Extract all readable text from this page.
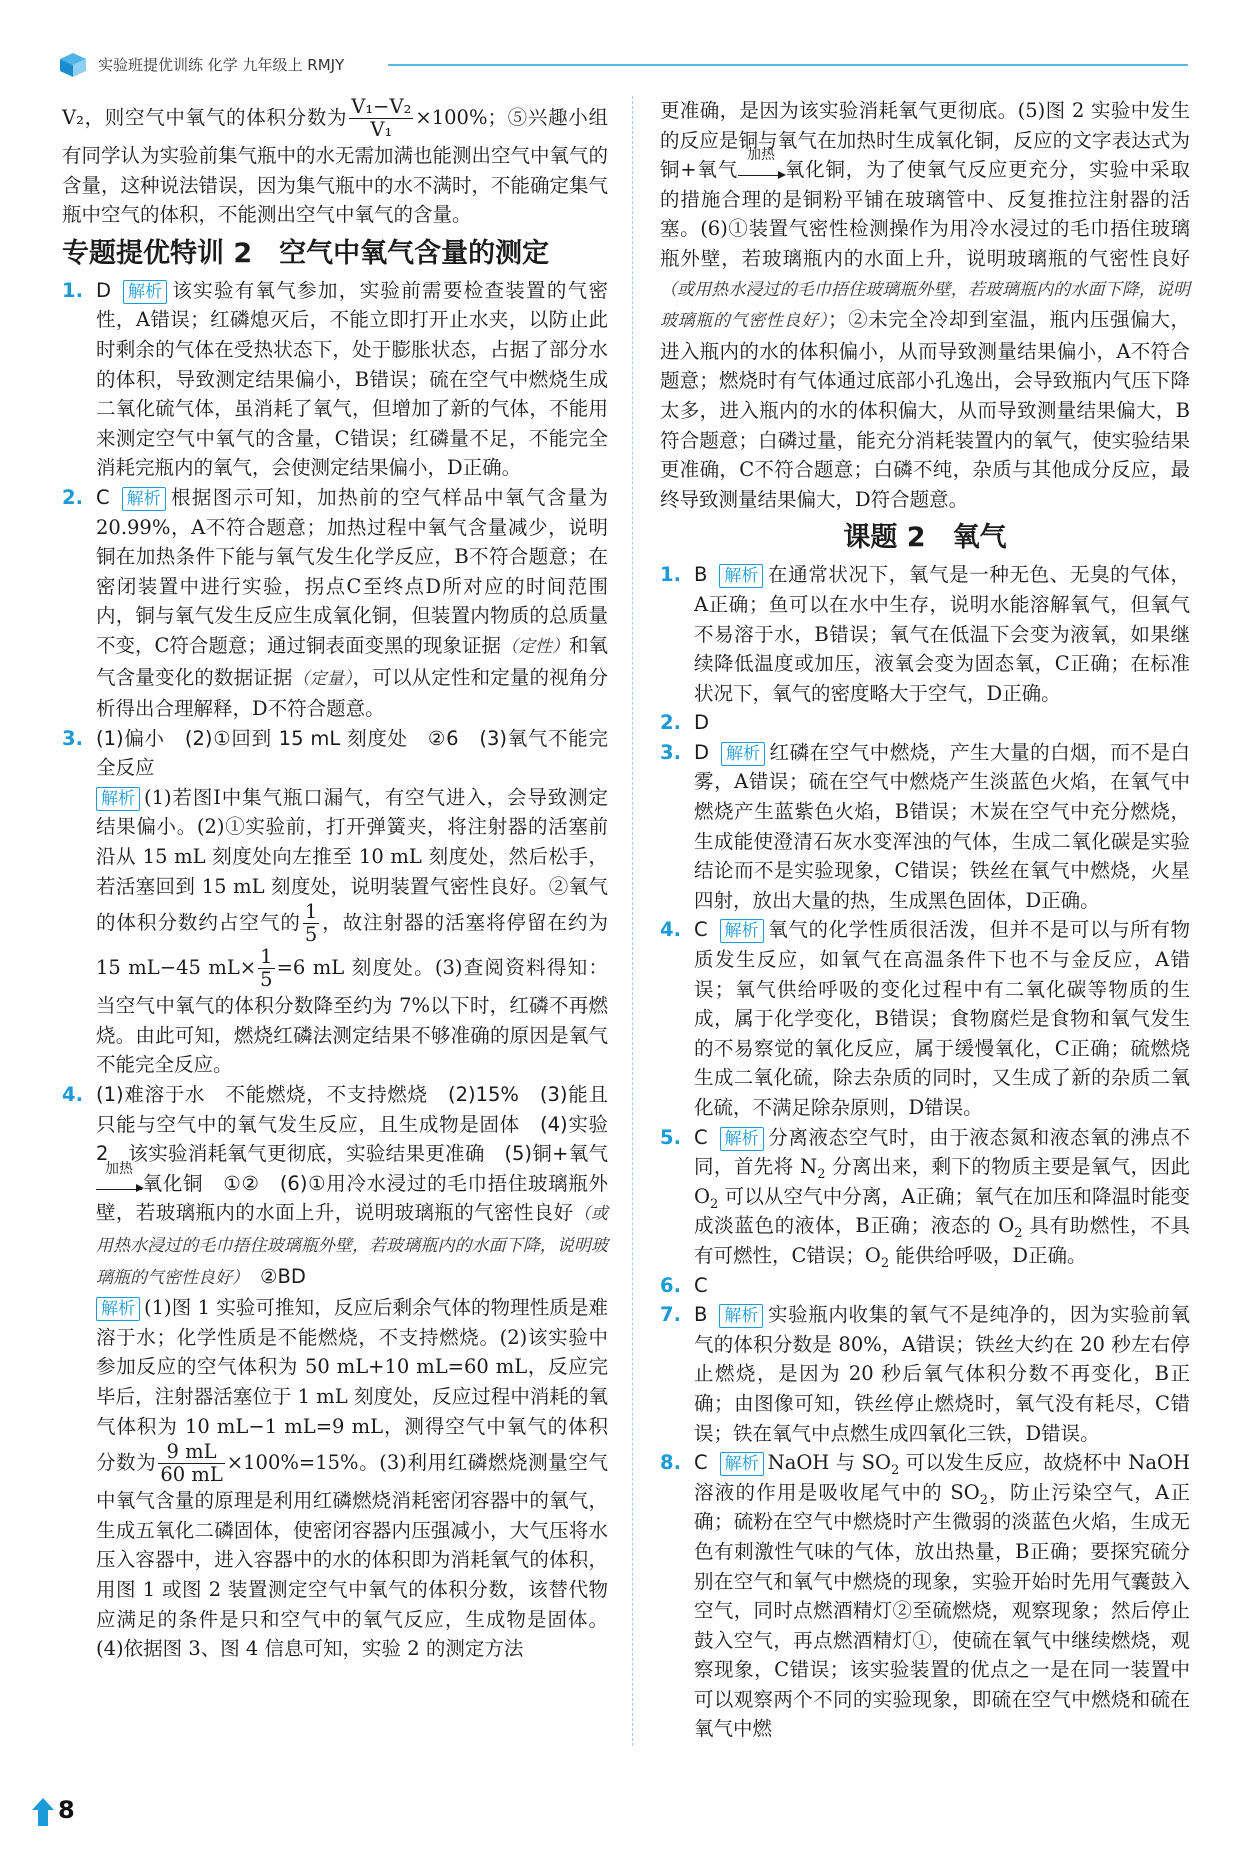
实验班提优训练 化学 九年级上 RMJY

V₂，则空气中氧气的体积分数为 $\frac{\text{V₁−V₂}}{\text{V₁}} \times 100\%$；⑤兴趣小组有同学认为实验前集气瓶中的水无需加满也能测出空气中氧气的含量，这种说法错误，因为集气瓶中的水不满时，不能确定集气瓶中空气的体积，不能测出空气中氧气的含量。

专题提优特训 2　空气中氧气含量的测定

1. D 解析 该实验有氧气参加，实验前需要检查装置的气密性，A错误；红磷熄灭后，不能立即打开止水夹，以防止此时剩余的气体在受热状态下，处于膨胀状态，占据了部分水的体积，导致测定结果偏小，B错误；硫在空气中燃烧生成二氧化硫气体，虽消耗了氧气，但增加了新的气体，不能用来测定空气中氧气的含量，C错误；红磷量不足，不能完全消耗完瓶内的氧气，会使测定结果偏小，D正确。

2. C 解析 根据图示可知，加热前的空气样品中氧气含量为 20.99%，A不符合题意；加热过程中氧气含量减少，说明铜在加热条件下能与氧气发生化学反应，B不符合题意；在密闭装置中进行实验，拐点C至终点D所对应的时间范围内，铜与氧气发生反应生成氧化铜，但装置内物质的总质量不变，C符合题意；通过铜表面变黑的现象证据（定性）和氧气含量变化的数据证据（定量），可以从定性和定量的视角分析得出合理解释，D不符合题意。

3. (1)偏小　(2)①回到 15 mL 刻度处　②6　(3)氧气不能完全反应
解析 (1)若图Ⅰ中集气瓶口漏气，有空气进入，会导致测定结果偏小。(2)①实验前，打开弹簧夹，将注射器的活塞前沿从 15 mL 刻度处向左推至 10 mL 刻度处，然后松手，若活塞回到 15 mL 刻度处，说明装置气密性良好。②氧气的体积分数约占空气的 $\frac{1}{5}$ ，故注射器的活塞将停留在约为 15 mL−45 $mL\times \frac{1}{5} =6$ mL 刻度处。(3)查阅资料得知：当空气中氧气的体积分数降至约为 7%以下时，红磷不再燃烧。由此可知，燃烧红磷法测定结果不够准确的原因是氧气不能完全反应。

4. (1)难溶于水　不能燃烧，不支持燃烧　(2)15%　(3)能且只能与空气中的氧气发生反应，且生成物是固体　(4)实验 2　该实验消耗氧气更彻底，实验结果更准确　(5)铜+氧气
加热
氧化铜　①②　(6)①用冷水浸过的毛巾捂住玻璃瓶外壁，若玻璃瓶内的水面上升，说明玻璃瓶的气密性良好（或用热水浸过的毛巾捂住玻璃瓶外壁，若玻璃瓶内的水面下降，说明玻璃瓶的气密性良好）　②BD
解析 (1)图 1 实验可推知，反应后剩余气体的物理性质是难溶于水；化学性质是不能燃烧，不支持燃烧。(2)该实验中参加反应的空气体积为 50 mL+10 mL=60 mL，反应完毕后，注射器活塞位于 1 mL 刻度处，反应过程中消耗的氧气体积为 10 mL−1 mL=9 mL，测得空气中氧气的体积分数为 $\frac{9 mL}{60 mL} \times 100\%=15\%$。(3)利用红磷燃烧测量空气中氧气含量的原理是利用红磷燃烧消耗密闭容器中的氧气，生成五氧化二磷固体，使密闭容器内压强减小，大气压将水压入容器中，进入容器中的水的体积即为消耗氧气的体积，用图 1 或图 2 装置测定空气中氧气的体积分数，该替代物应满足的条件是只和空气中的氧气反应，生成物是固体。(4)依据图 3、图 4 信息可知，实验 2 的测定方法

更准确，是因为该实验消耗氧气更彻底。(5)图 2 实验中发生的反应是铜与氧气在加热时生成氧化铜，反应的文字表达式为铜+氧气
加热
氧化铜，为了使氧气反应更充分，实验中采取的措施合理的是铜粉平铺在玻璃管中、反复推拉注射器的活塞。(6)①装置气密性检测操作为用冷水浸过的毛巾捂住玻璃瓶外壁，若玻璃瓶内的水面上升，说明玻璃瓶的气密性良好（或用热水浸过的毛巾捂住玻璃瓶外壁，若玻璃瓶内的水面下降，说明玻璃瓶的气密性良好）；②未完全冷却到室温，瓶内压强偏大，进入瓶内的水的体积偏小，从而导致测量结果偏小，A不符合题意；燃烧时有气体通过底部小孔逸出，会导致瓶内气压下降太多，进入瓶内的水的体积偏大，从而导致测量结果偏大，B符合题意；白磷过量，能充分消耗装置内的氧气，使实验结果更准确，C不符合题意；白磷不纯，杂质与其他成分反应，最终导致测量结果偏大，D符合题意。

课题 2　氧气

1. B 解析 在通常状况下，氧气是一种无色、无臭的气体，A正确；鱼可以在水中生存，说明水能溶解氧气，但氧气不易溶于水，B错误；氧气在低温下会变为液氧，如果继续降低温度或加压，液氧会变为固态氧，C正确；在标准状况下，氧气的密度略大于空气，D正确。

2. D

3. D 解析 红磷在空气中燃烧，产生大量的白烟，而不是白雾，A错误；硫在空气中燃烧产生淡蓝色火焰，在氧气中燃烧产生蓝紫色火焰，B错误；木炭在空气中充分燃烧，生成能使澄清石灰水变浑浊的气体，生成二氧化碳是实验结论而不是实验现象，C错误；铁丝在氧气中燃烧，火星四射，放出大量的热，生成黑色固体，D正确。

4. C 解析 氧气的化学性质很活泼，但并不是可以与所有物质发生反应，如氧气在高温条件下也不与金反应，A错误；氧气供给呼吸的变化过程中有二氧化碳等物质的生成，属于化学变化，B错误；食物腐烂是食物和氧气发生的不易察觉的氧化反应，属于缓慢氧化，C正确；硫燃烧生成二氧化硫，除去杂质的同时，又生成了新的杂质二氧化硫，不满足除杂原则，D错误。

5. C 解析 分离液态空气时，由于液态氮和液态氧的沸点不同，首先将 $N_2$ 分离出来，剩下的物质主要是氧气，因此 $O_2$ 可以从空气中分离，A正确；氧气在加压和降温时能变成淡蓝色的液体，B正确；液态的 $O_2$ 具有助燃性，不具有可燃性，C错误；$O_2$ 能供给呼吸，D正确。

6. C

7. B 解析 实验瓶内收集的氧气不是纯净的，因为实验前氧气的体积分数是 80%，A错误；铁丝大约在 20 秒左右停止燃烧，是因为 20 秒后氧气体积分数不再变化，B正确；由图像可知，铁丝停止燃烧时，氧气没有耗尽，C错误；铁在氧气中点燃生成四氧化三铁，D错误。

8. C 解析 NaOH 与 $SO_2$ 可以发生反应，故烧杯中 NaOH 溶液的作用是吸收尾气中的 $SO_2$，防止污染空气，A正确；硫粉在空气中燃烧时产生微弱的淡蓝色火焰，生成无色有刺激性气味的气体，放出热量，B正确；要探究硫分别在空气和氧气中燃烧的现象，实验开始时先用气囊鼓入空气，同时点燃酒精灯②至硫燃烧，观察现象；然后停止鼓入空气，再点燃酒精灯①，使硫在氧气中继续燃烧，观察现象，C错误；该实验装置的优点之一是在同一装置中可以观察两个不同的实验现象，即硫在空气中燃烧和硫在氧气中燃

8
